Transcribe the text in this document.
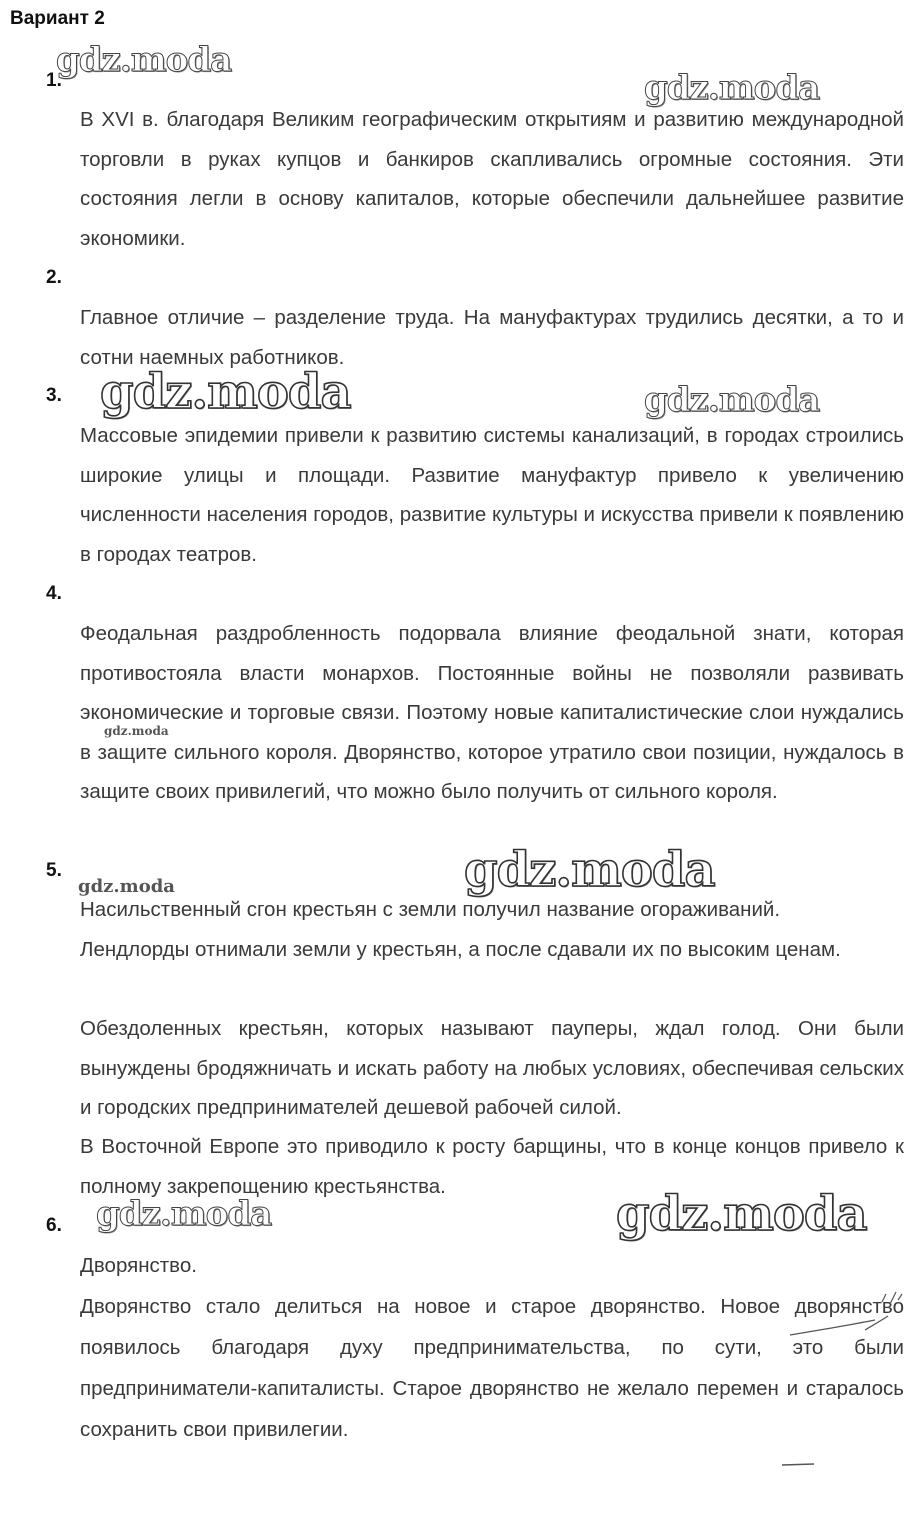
Вариант 2
1.

В XVI в. благодаря Великим географическим открытиям и развитию международной торговли в руках купцов и банкиров скапливались огромные состояния. Эти состояния легли в основу капиталов, которые обеспечили дальнейшее развитие экономики.

2.

Главное отличие – разделение труда. На мануфактурах трудились десятки, а то и сотни наемных работников.

3.

Массовые эпидемии привели к развитию системы канализаций, в городах строились широкие улицы и площади. Развитие мануфактур привело к увеличению численности населения городов, развитие культуры и искусства привели к появлению в городах театров.

4.

Феодальная раздробленность подорвала влияние феодальной знати, которая противостояла власти монархов. Постоянные войны не позволяли развивать экономические и торговые связи. Поэтому новые капиталистические слои нуждались в защите сильного короля. Дворянство, которое утратило свои позиции, нуждалось в защите своих привилегий, что можно было получить от сильного короля.

5.

Насильственный сгон крестьян с земли получил название огораживаний.

Лендлорды отнимали земли у крестьян, а после сдавали их по высоким ценам.

Обездоленных крестьян, которых называют пауперы, ждал голод. Они были вынуждены бродяжничать и искать работу на любых условиях, обеспечивая сельских и городских предпринимателей дешевой рабочей силой.

В Восточной Европе это приводило к росту барщины, что в конце концов привело к полному закрепощению крестьянства.

6.

Дворянство.

Дворянство стало делиться на новое и старое дворянство. Новое дворянство появилось благодаря духу предпринимательства, по сути, это были предприниматели-капиталисты. Старое дворянство не желало перемен и старалось сохранить свои привилегии.

gdz.moda
gdz.moda
gdz.moda	gdz.moda
gdz.moda
gdz.moda
gdz.moda
gdz.moda	gdz.moda
